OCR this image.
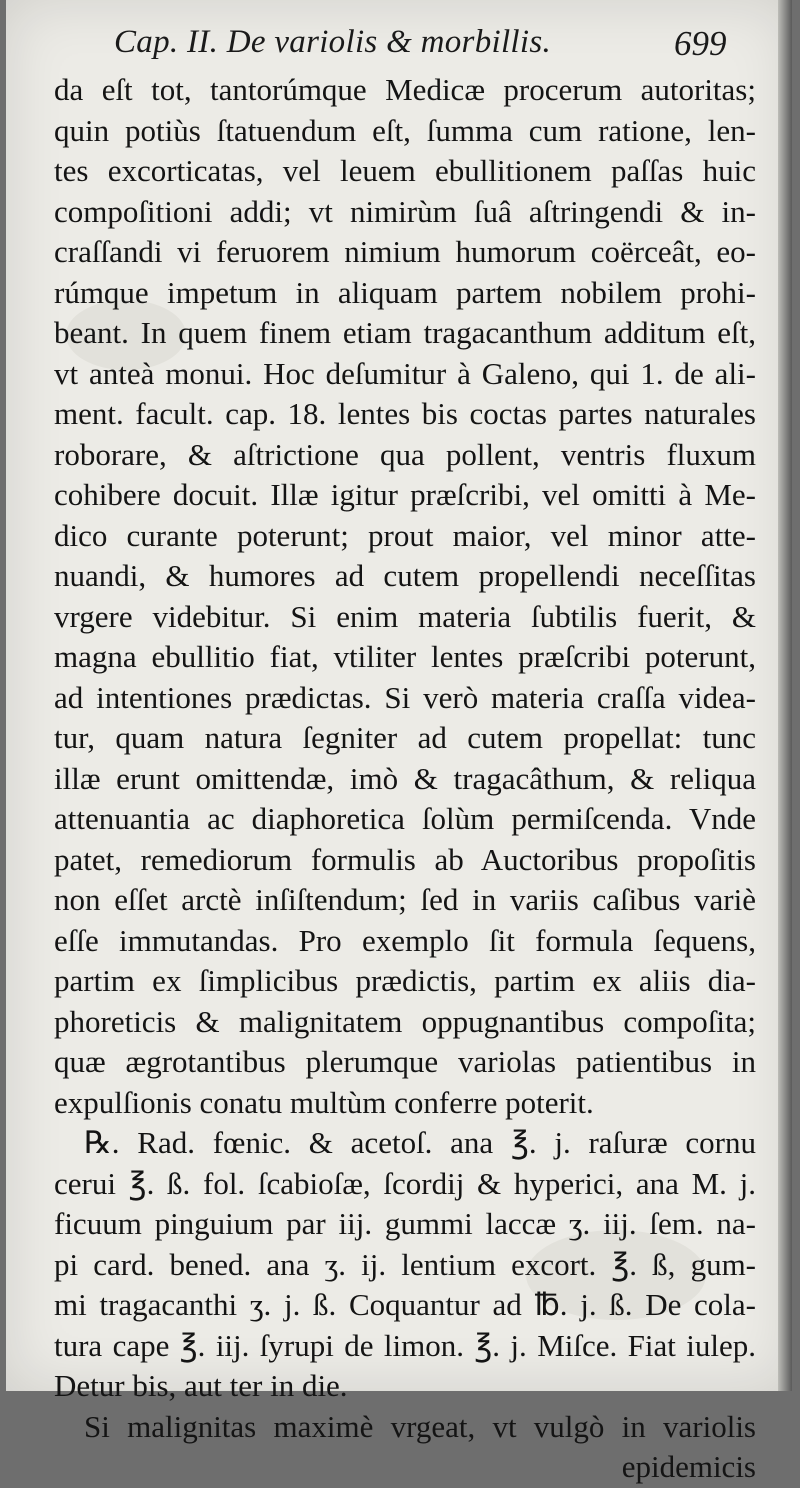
Cap. II. De variolis & morbillis.	699
da eſt tot, tantorúmque Medicæ procerum autoritas;
quin potiùs ſtatuendum eſt, ſumma cum ratione, len-
tes excorticatas, vel leuem ebullitionem paſſas huic
compoſitioni addi; vt nimirùm ſuâ aſtringendi & in-
craſſandi vi feruorem nimium humorum coërceât, eo-
rúmque impetum in aliquam partem nobilem prohi-
beant. In quem finem etiam tragacanthum additum eſt,
vt anteà monui. Hoc deſumitur à Galeno, qui 1. de ali-
ment. facult. cap. 18. lentes bis coctas partes naturales
roborare, & aſtrictione qua pollent, ventris fluxum
cohibere docuit. Illæ igitur præſcribi, vel omitti à Me-
dico curante poterunt; prout maior, vel minor atte-
nuandi, & humores ad cutem propellendi neceſſitas
vrgere videbitur. Si enim materia ſubtilis fuerit, &
magna ebullitio fiat, vtiliter lentes præſcribi poterunt,
ad intentiones prædictas. Si verò materia craſſa videa-
tur, quam natura ſegniter ad cutem propellat: tunc
illæ erunt omittendæ, imò & tragacâthum, & reliqua
attenuantia ac diaphoretica ſolùm permiſcenda. Vnde
patet, remediorum formulis ab Auctoribus propoſitis
non eſſet arctè inſiſtendum; ſed in variis caſibus variè
eſſe immutandas. Pro exemplo ſit formula ſequens,
partim ex ſimplicibus prædictis, partim ex aliis dia-
phoreticis & malignitatem oppugnantibus compoſita;
quæ ægrotantibus plerumque variolas patientibus in
expulſionis conatu multùm conferre poterit.
℞. Rad. fœnic. & acetoſ. ana ℥. j. raſuræ cornu
cerui ℥. ß. fol. ſcabioſæ, ſcordij & hyperici, ana M. j.
ficuum pinguium par iij. gummi laccæ ʒ. iij. ſem. na-
pi card. bened. ana ʒ. ij. lentium excort. ℥. ß, gum-
mi tragacanthi ʒ. j. ß. Coquantur ad ℔. j. ß. De cola-
tura cape ℥. iij. ſyrupi de limon. ℥. j. Miſce. Fiat iulep.
Detur bis, aut ter in die.
Si malignitas maximè vrgeat, vt vulgò in variolis
epidemicis
